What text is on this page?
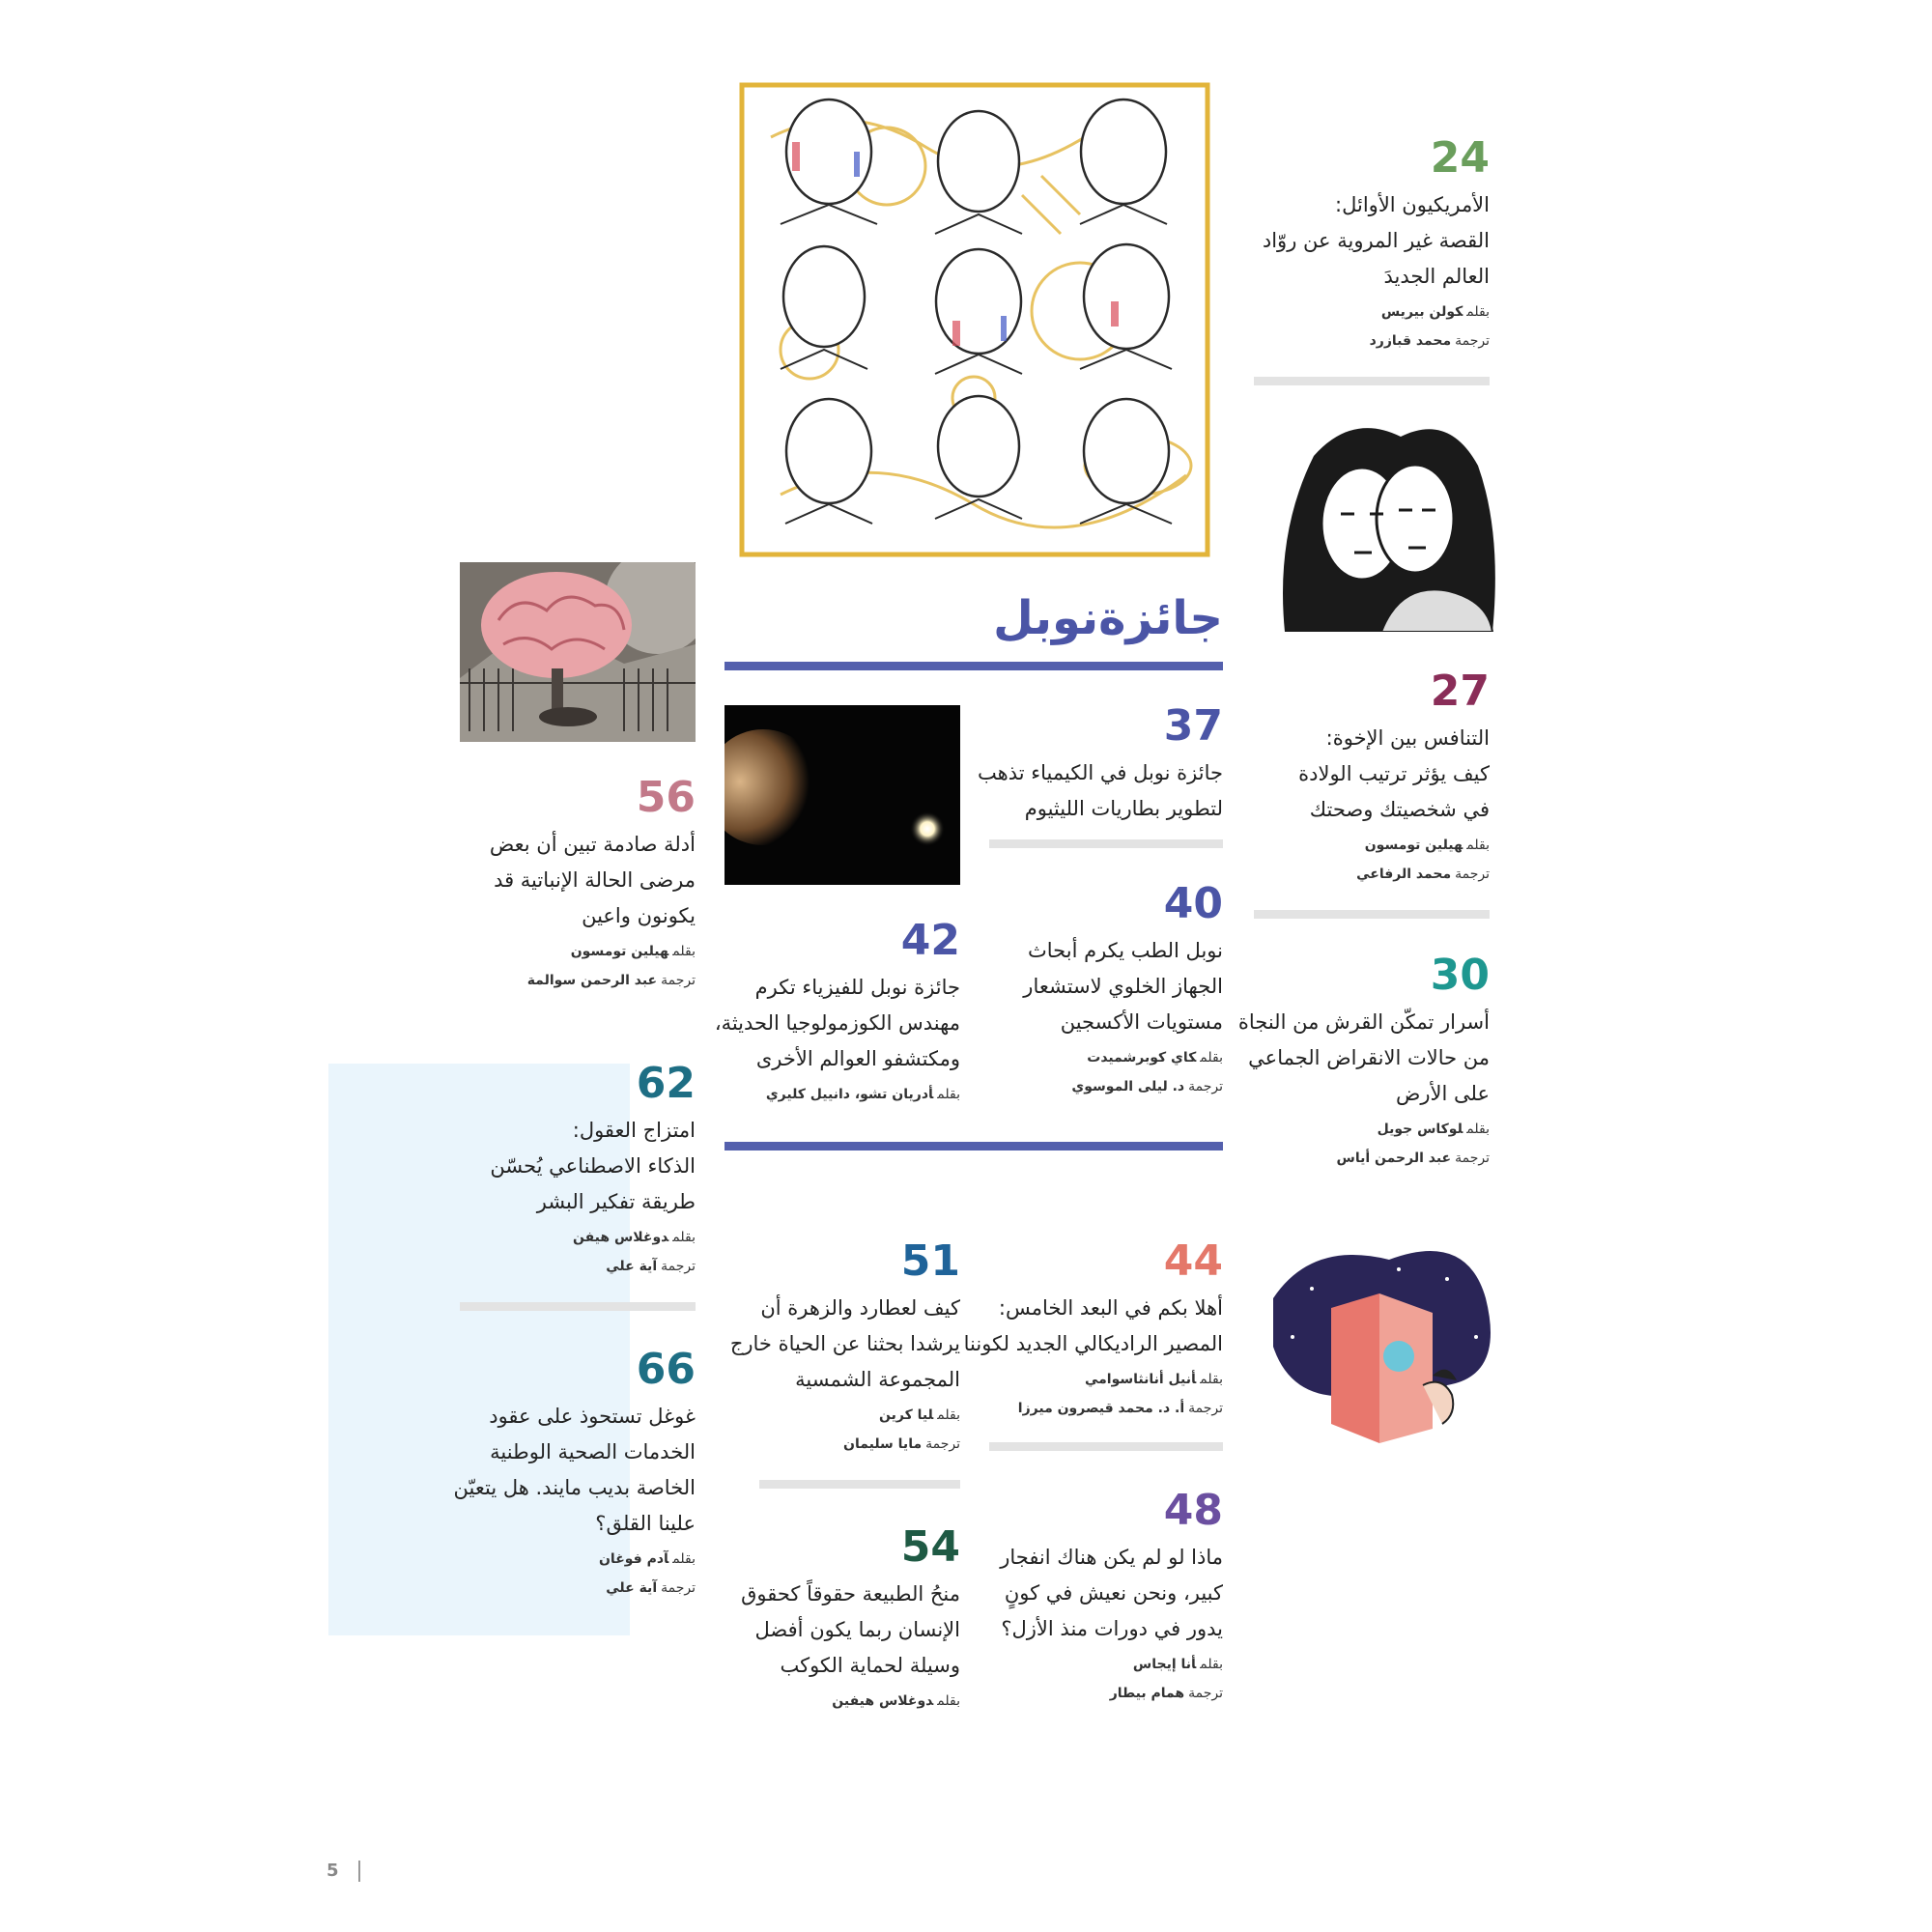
جائزةنوبل
24
الأمريكيون الأوائل:
القصة غير المروية عن روّاد
العالم الجديدَ
بقلمكولن بيريس
ترجمةمحمد قبازرد
27
التنافس بين الإخوة:
كيف يؤثر ترتيب الولادة
في شخصيتك وصحتك
بقلمهيلين تومسون
ترجمةمحمد الرفاعي
30
أسرار تمكّن القرش من النجاة
من حالات الانقراض الجماعي
على الأرض
بقلملوكاس جويل
ترجمةعبد الرحمن أياس
37
جائزة نوبل في الكيمياء تذهب
لتطوير بطاريات الليثيوم
40
نوبل الطب يكرم أبحاث
الجهاز الخلوي لاستشعار
مستويات الأكسجين
بقلمكاي كوبرشميدت
ترجمةد. ليلى الموسوي
42
جائزة نوبل للفيزياء تكرم
مهندس الكوزمولوجيا الحديثة،
ومكتشفو العوالم الأخرى
بقلمأدريان تشو، دانييل كليري
44
أهلا بكم في البعد الخامس:
المصير الراديكالي الجديد لكوننا
بقلمأنيل أنانثاسوامي
ترجمةأ. د. محمد قيصرون ميرزا
48
ماذا لو لم يكن هناك انفجار
كبير، ونحن نعيش في كونٍ
يدور في دورات منذ الأزل؟
بقلمأنا إيجاس
ترجمةهمام بيطار
51
كيف لعطارد والزهرة أن
يرشدا بحثنا عن الحياة خارج
المجموعة الشمسية
بقلمليا كرين
ترجمةمايا سليمان
54
منحُ الطبيعة حقوقاً كحقوق
الإنسان ربما يكون أفضل
وسيلة لحماية الكوكب
بقلمدوغلاس هيفين
56
أدلة صادمة تبين أن بعض
مرضى الحالة الإنباتية قد
يكونون واعين
بقلمهيلين تومسون
ترجمةعبد الرحمن سوالمة
62
امتزاج العقول:
الذكاء الاصطناعي يُحسّن
طريقة تفكير البشر
بقلمدوغلاس هيفن
ترجمةآية علي
66
غوغل تستحوذ على عقود
الخدمات الصحية الوطنية
الخاصة بديب مايند. هل يتعيّن
علينا القلق؟
بقلمآدم فوغان
ترجمةآية علي
5
